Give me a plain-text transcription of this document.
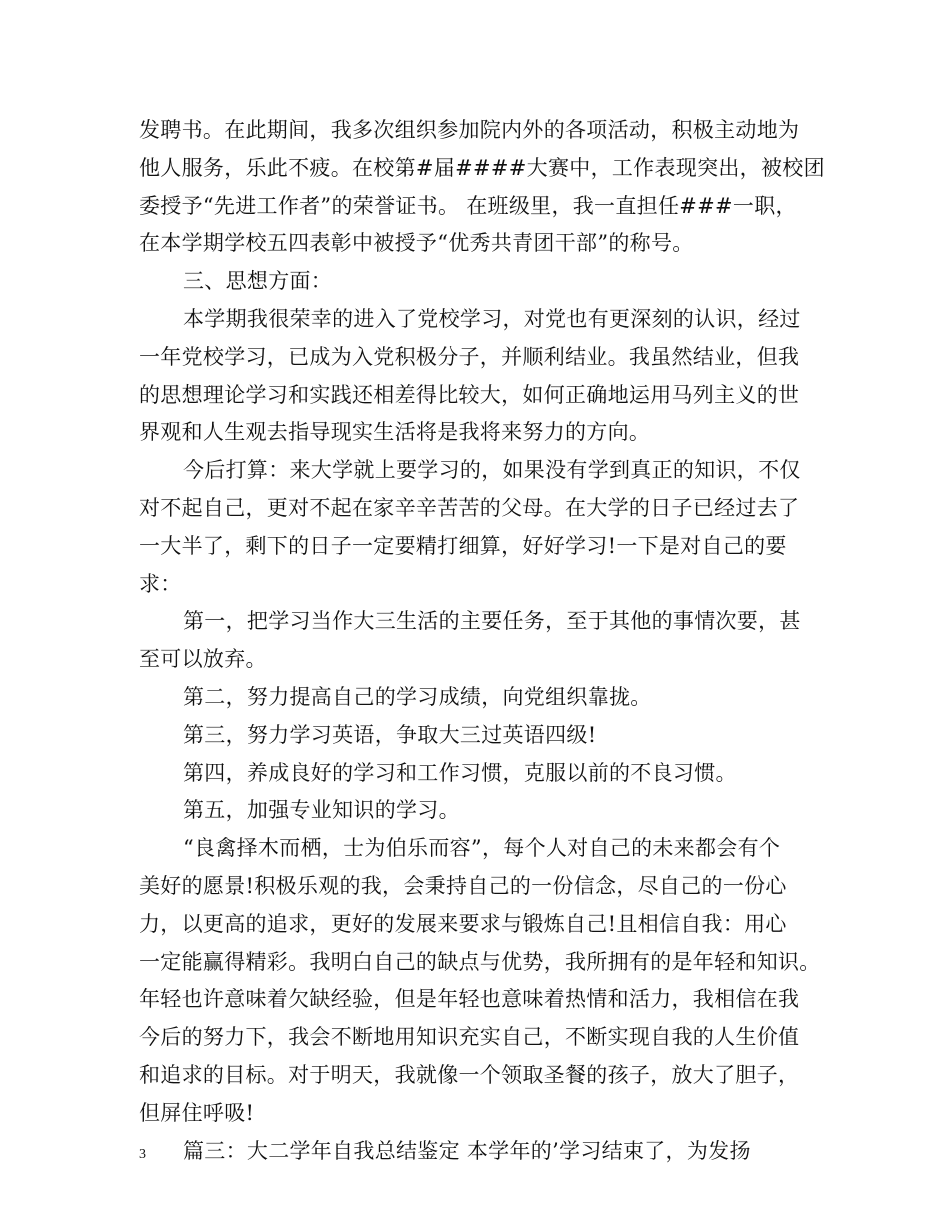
发聘书。在此期间，我多次组织参加院内外的各项活动，积极主动地为
他人服务，乐此不疲。在校第#届####大赛中，工作表现突出，被校团
委授予“先进工作者”的荣誉证书。 在班级里，我一直担任###一职，
在本学期学校五四表彰中被授予“优秀共青团干部”的称号。
三、思想方面：
本学期我很荣幸的进入了党校学习，对党也有更深刻的认识，经过
一年党校学习，已成为入党积极分子，并顺利结业。我虽然结业，但我
的思想理论学习和实践还相差得比较大，如何正确地运用马列主义的世
界观和人生观去指导现实生活将是我将来努力的方向。
今后打算：来大学就上要学习的，如果没有学到真正的知识，不仅
对不起自己，更对不起在家辛辛苦苦的父母。在大学的日子已经过去了
一大半了，剩下的日子一定要精打细算，好好学习!一下是对自己的要
求：
第一，把学习当作大三生活的主要任务，至于其他的事情次要，甚
至可以放弃。
第二，努力提高自己的学习成绩，向党组织靠拢。
第三，努力学习英语，争取大三过英语四级!
第四，养成良好的学习和工作习惯，克服以前的不良习惯。
第五，加强专业知识的学习。
“良禽择木而栖，士为伯乐而容”，每个人对自己的未来都会有个
美好的愿景!积极乐观的我，会秉持自己的一份信念，尽自己的一份心
力，以更高的追求，更好的发展来要求与锻炼自己!且相信自我：用心
一定能赢得精彩。我明白自己的缺点与优势，我所拥有的是年轻和知识。
年轻也许意味着欠缺经验，但是年轻也意味着热情和活力，我相信在我
今后的努力下，我会不断地用知识充实自己，不断实现自我的人生价值
和追求的目标。对于明天，我就像一个领取圣餐的孩子，放大了胆子，
但屏住呼吸!
篇三：大二学年自我总结鉴定 本学年的’学习结束了，为发扬
3
